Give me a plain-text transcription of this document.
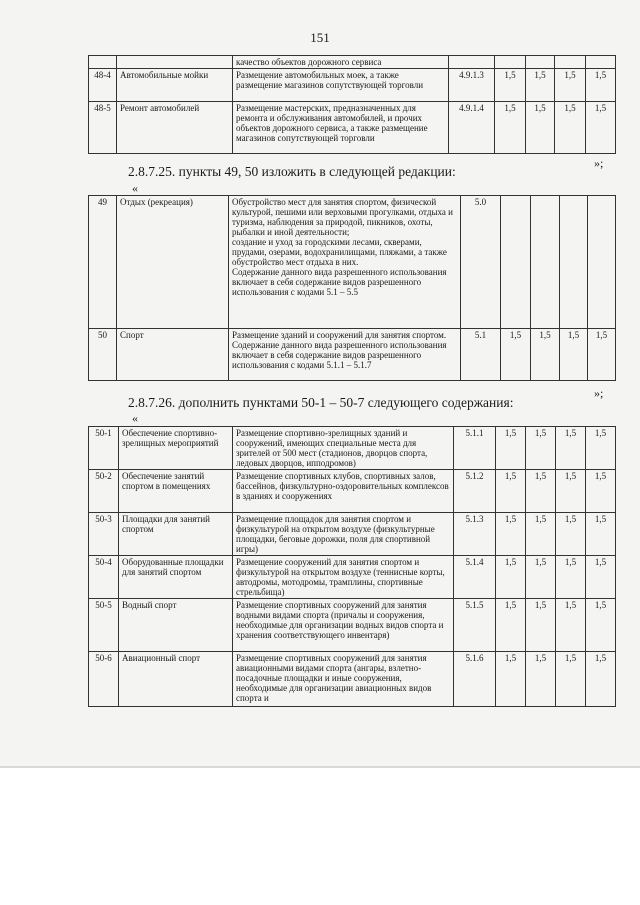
151
		качество объектов дорожного сервиса					
48-4	Автомобильные мойки	Размещение автомобильных моек, а также размещение магазинов сопутствующей торговли	4.9.1.3	1,5	1,5	1,5	1,5
48-5	Ремонт автомобилей	Размещение мастерских, предназначенных для ремонта и обслуживания автомобилей, и прочих объектов дорожного сервиса, а также размещение магазинов сопутствующей торговли	4.9.1.4	1,5	1,5	1,5	1,5
»;
2.8.7.25. пункты 49, 50 изложить в следующей редакции:
«
49	Отдых (рекреация)	Обустройство мест для занятия спортом, физической культурой, пешими или верховыми прогулками, отдыха и туризма, наблюдения за природой, пикников, охоты, рыбалки и иной деятельности;
создание и уход за городскими лесами, скверами, прудами, озерами, водохранилищами, пляжами, а также обустройство мест отдыха в них.
Содержание данного вида разрешенного использования включает в себя содержание видов разрешенного использования с кодами 5.1 – 5.5	5.0				
50	Спорт	Размещение зданий и сооружений для занятия спортом. Содержание данного вида разрешенного использования включает в себя содержание видов разрешенного использования с кодами 5.1.1 – 5.1.7	5.1	1,5	1,5	1,5	1,5
»;
2.8.7.26. дополнить пунктами 50-1 – 50-7 следующего содержания:
«
50-1	Обеспечение спортивно-зрелищных мероприятий	Размещение спортивно-зрелищных зданий и сооружений, имеющих специальные места для зрителей от 500 мест (стадионов, дворцов спорта, ледовых дворцов, ипподромов)	5.1.1	1,5	1,5	1,5	1,5
50-2	Обеспечение занятий спортом в помещениях	Размещение спортивных клубов, спортивных залов, бассейнов, физкультурно-оздоровительных комплексов в зданиях и сооружениях	5.1.2	1,5	1,5	1,5	1,5
50-3	Площадки для занятий спортом	Размещение площадок для занятия спортом и физкультурой на открытом воздухе (физкультурные площадки, беговые дорожки, поля для спортивной игры)	5.1.3	1,5	1,5	1,5	1,5
50-4	Оборудованные площадки для занятий спортом	Размещение сооружений для занятия спортом и физкультурой на открытом воздухе (теннисные корты, автодромы, мотодромы, трамплины, спортивные стрельбища)	5.1.4	1,5	1,5	1,5	1,5
50-5	Водный спорт	Размещение спортивных сооружений для занятия водными видами спорта (причалы и сооружения, необходимые для организации водных видов спорта и хранения соответствующего инвентаря)	5.1.5	1,5	1,5	1,5	1,5
50-6	Авиационный спорт	Размещение спортивных сооружений для занятия авиационными видами спорта (ангары, взлетно-посадочные площадки и иные сооружения, необходимые для организации авиационных видов спорта и	5.1.6	1,5	1,5	1,5	1,5
